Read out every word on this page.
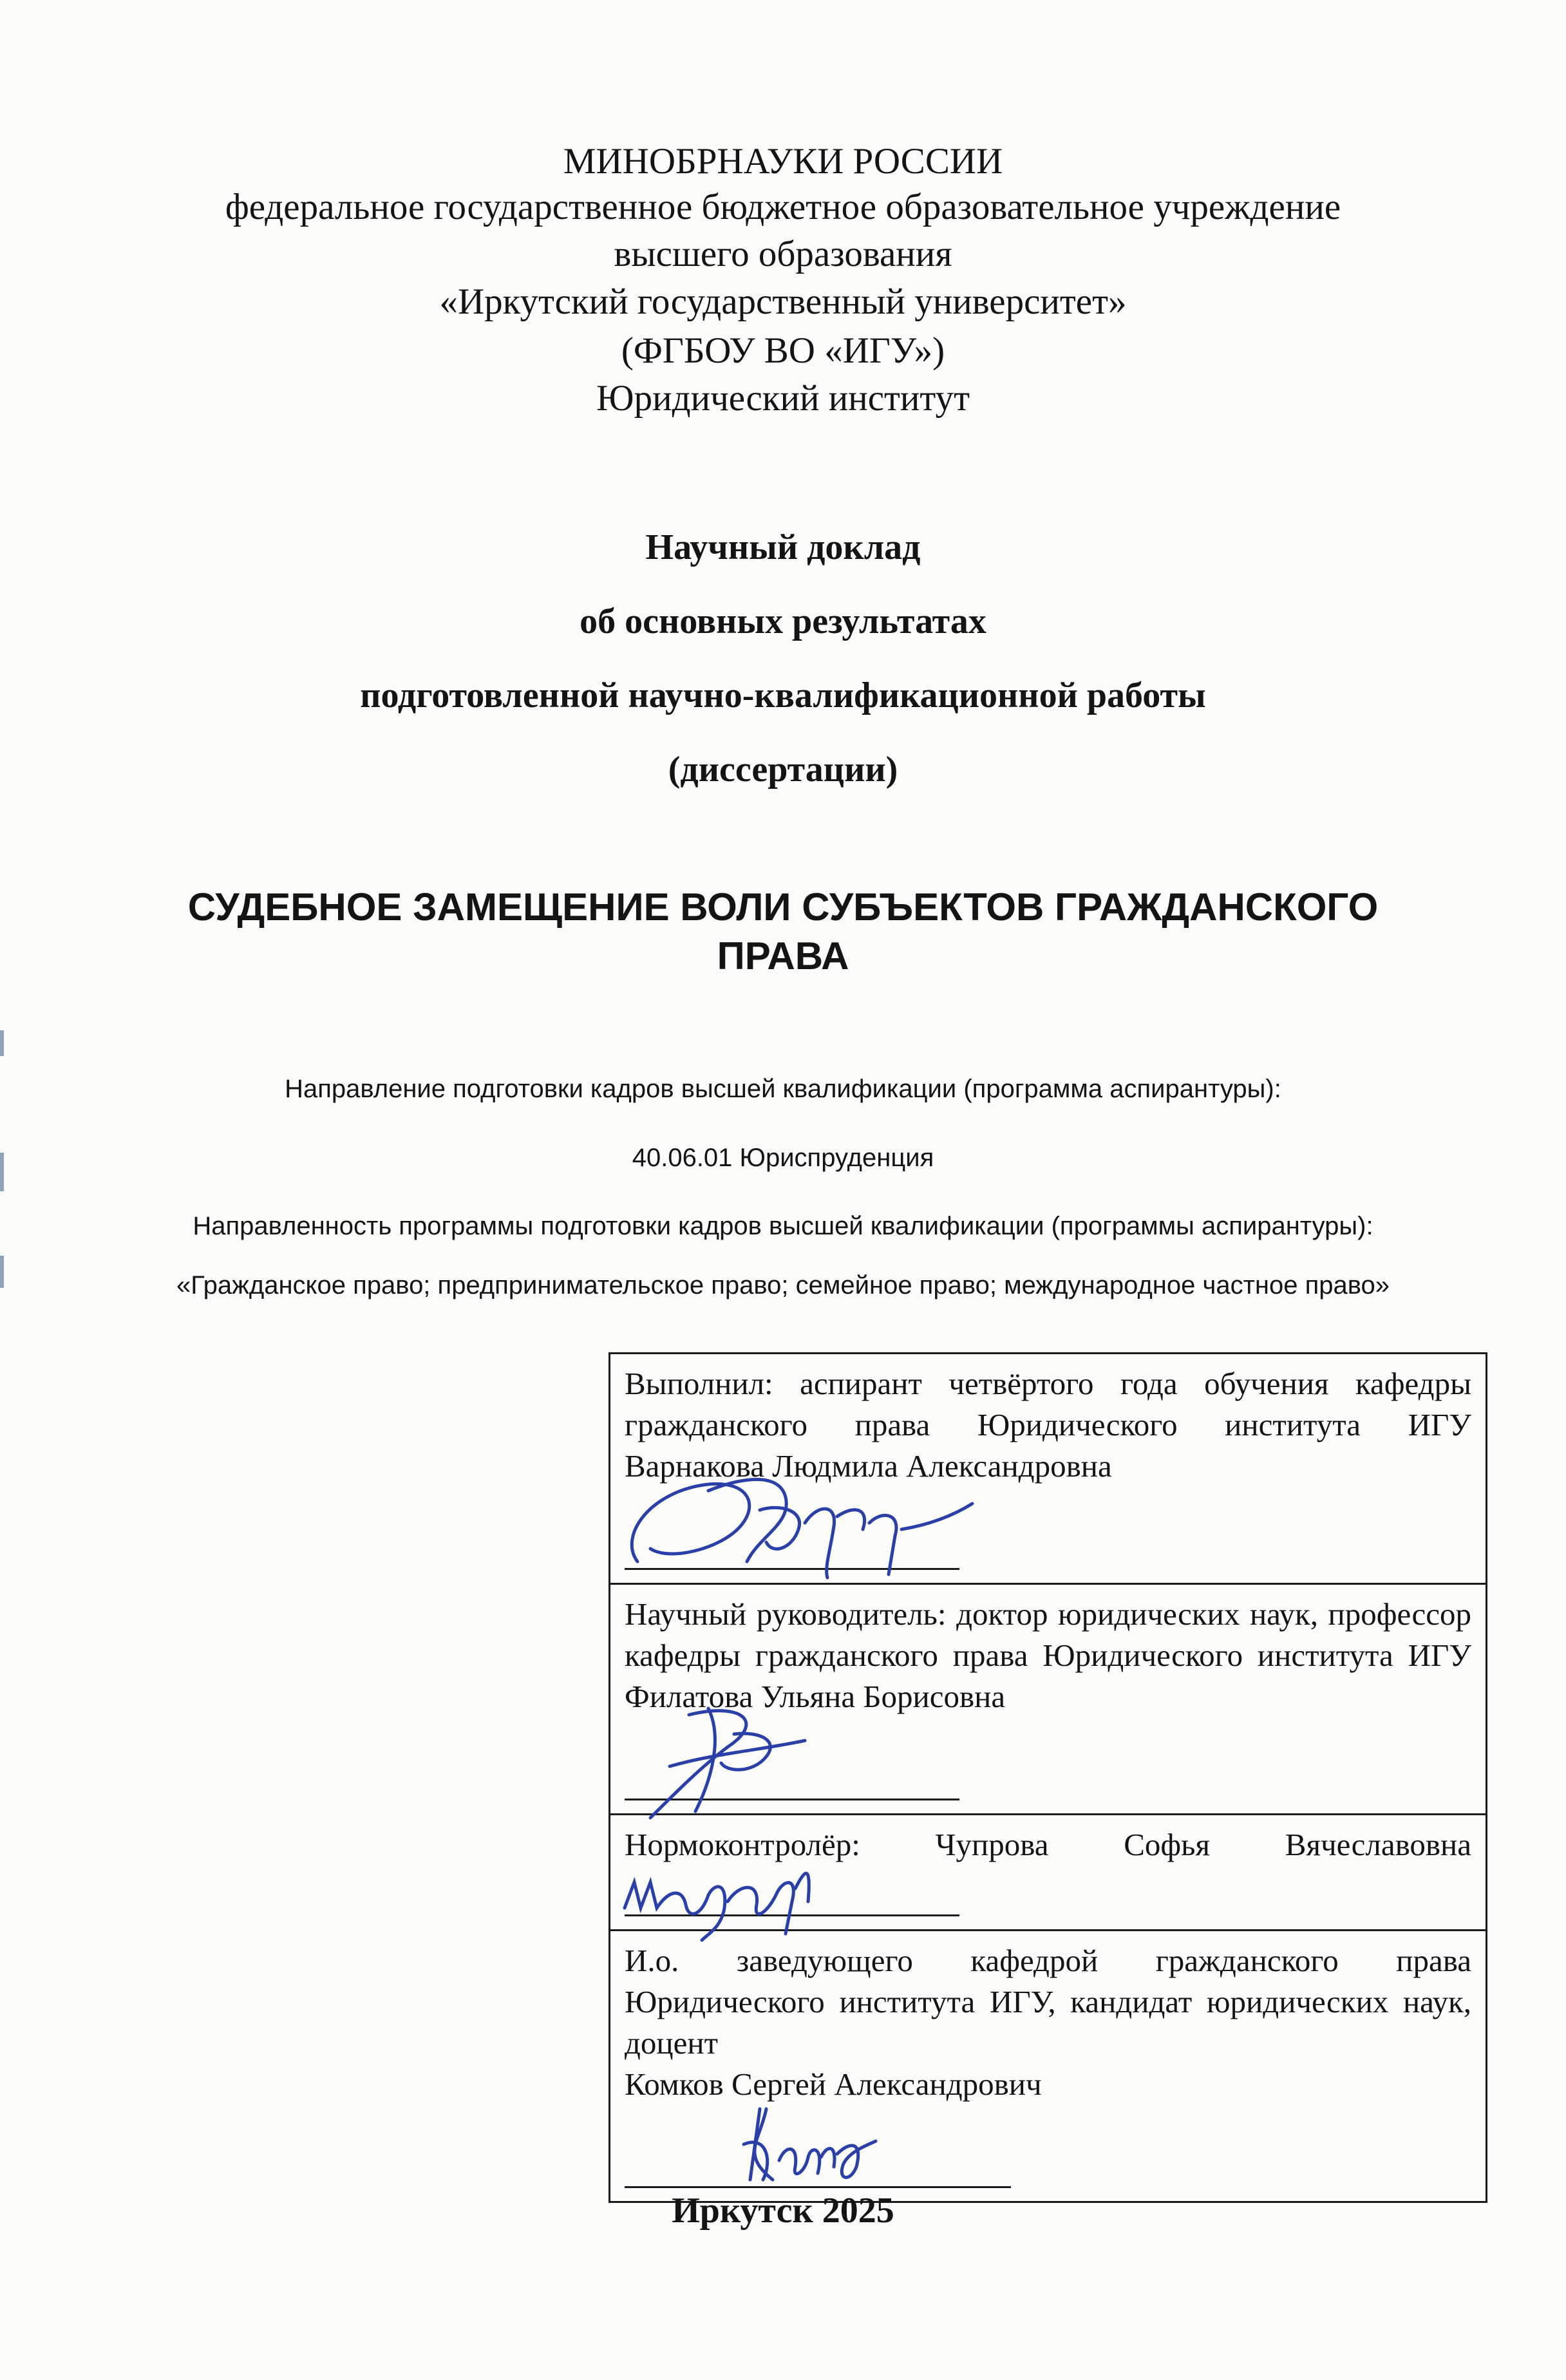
МИНОБРНАУКИ РОССИИ
федеральное государственное бюджетное образовательное учреждение
высшего образования
«Иркутский государственный университет»
(ФГБОУ ВО «ИГУ»)
Юридический институт
Научный доклад
об основных результатах
подготовленной научно-квалификационной работы
(диссертации)
СУДЕБНОЕ ЗАМЕЩЕНИЕ ВОЛИ СУБЪЕКТОВ ГРАЖДАНСКОГО
ПРАВА
Направление подготовки кадров высшей квалификации (программа аспирантуры):
40.06.01 Юриспруденция
Направленность программы подготовки кадров высшей квалификации (программы аспирантуры):
«Гражданское право; предпринимательское право; семейное право; международное частное право»
Выполнил: аспирант четвёртого года обучения кафедры гражданского права Юридического института ИГУ
Варнакова Людмила Александровна

Научный руководитель: доктор юридических наук, профессор кафедры гражданского права Юридического института ИГУ Филатова Ульяна Борисовна

Нормоконтролёр: Чупрова Софья Вячеславовна

И.о. заведующего кафедрой гражданского права Юридического института ИГУ, кандидат юридических наук, доцент
Комков Сергей Александрович
Иркутск 2025
